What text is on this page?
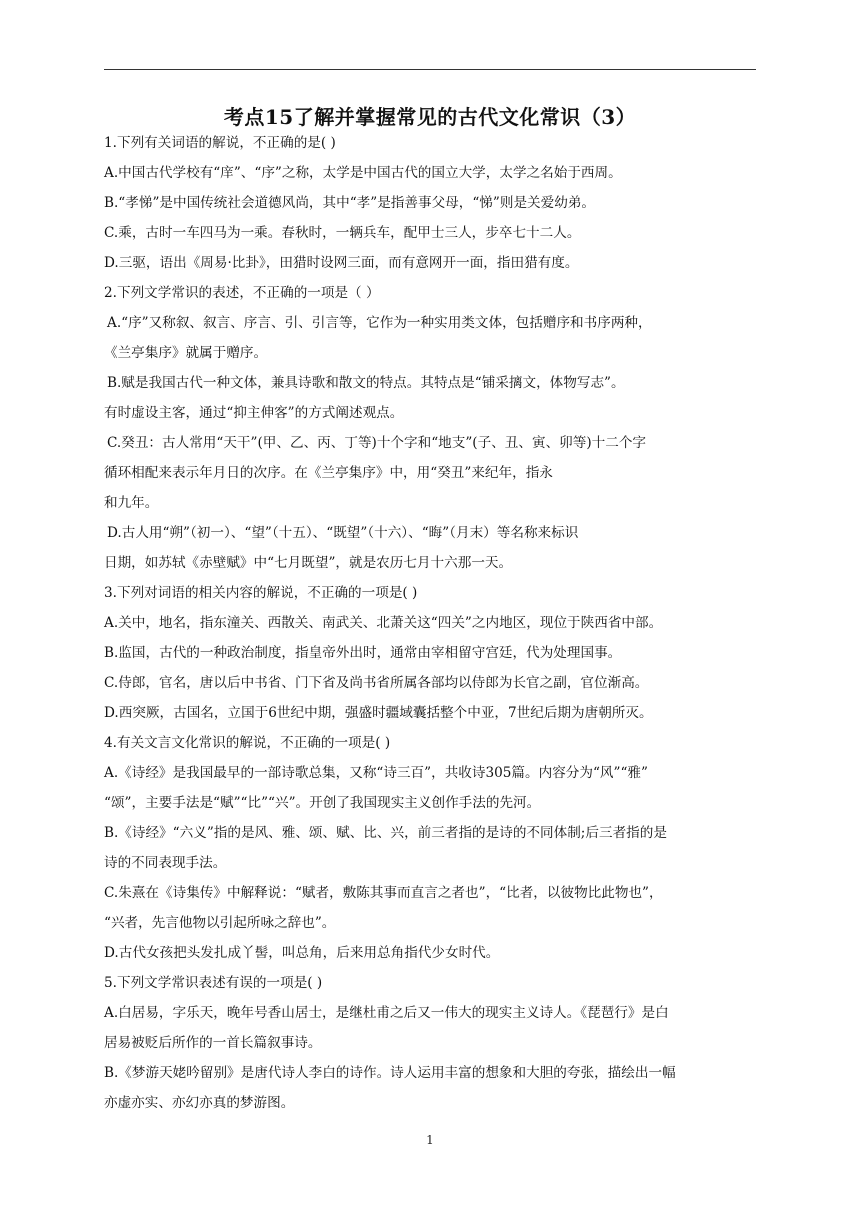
考点15了解并掌握常见的古代文化常识（3）
1.下列有关词语的解说，不正确的是( )
A.中国古代学校有“庠”、“序”之称，太学是中国古代的国立大学，太学之名始于西周。
B.“孝悌”是中国传统社会道德风尚，其中“孝”是指善事父母，“悌”则是关爱幼弟。
C.乘，古时一车四马为一乘。春秋时，一辆兵车，配甲士三人，步卒七十二人。
D.三驱，语出《周易·比卦》，田猎时设网三面，而有意网开一面，指田猎有度。
2.下列文学常识的表述，不正确的一项是（ ）
A.“序”又称叙、叙言、序言、引、引言等，它作为一种实用类文体，包括赠序和书序两种，
《兰亭集序》就属于赠序。
B.赋是我国古代一种文体，兼具诗歌和散文的特点。其特点是“铺采摛文，体物写志”。
有时虚设主客，通过“抑主伸客”的方式阐述观点。
C.癸丑：古人常用“天干”(甲、乙、丙、丁等)十个字和“地支”(子、丑、寅、卯等)十二个字
循环相配来表示年月日的次序。在《兰亭集序》中，用“癸丑”来纪年，指永
和九年。
D.古人用“朔”（初一）、“望”（十五）、“既望”（十六）、“晦”（月末）等名称来标识
日期，如苏轼《赤壁赋》中“七月既望”，就是农历七月十六那一天。
3.下列对词语的相关内容的解说，不正确的一项是( )
A.关中，地名，指东潼关、西散关、南武关、北萧关这“四关”之内地区，现位于陕西省中部。
B.监国，古代的一种政治制度，指皇帝外出时，通常由宰相留守宫廷，代为处理国事。
C.侍郎，官名，唐以后中书省、门下省及尚书省所属各部均以侍郎为长官之副，官位渐高。
D.西突厥，古国名，立国于6世纪中期，强盛时疆域囊括整个中亚，7世纪后期为唐朝所灭。
4.有关文言文化常识的解说，不正确的一项是( )
A.《诗经》是我国最早的一部诗歌总集，又称“诗三百”，共收诗305篇。内容分为“风”“雅”
“颂”，主要手法是“赋”“比”“兴”。开创了我国现实主义创作手法的先河。
B.《诗经》“六义”指的是风、雅、颂、赋、比、兴，前三者指的是诗的不同体制;后三者指的是
诗的不同表现手法。
C.朱熹在《诗集传》中解释说：“赋者，敷陈其事而直言之者也”，“比者，以彼物比此物也”，
“兴者，先言他物以引起所咏之辞也”。
D.古代女孩把头发扎成丫髻，叫总角，后来用总角指代少女时代。
5.下列文学常识表述有误的一项是( )
A.白居易，字乐天，晚年号香山居士，是继杜甫之后又一伟大的现实主义诗人。《琵琶行》是白
居易被贬后所作的一首长篇叙事诗。
B.《梦游天姥吟留别》是唐代诗人李白的诗作。诗人运用丰富的想象和大胆的夸张，描绘出一幅
亦虚亦实、亦幻亦真的梦游图。
1
